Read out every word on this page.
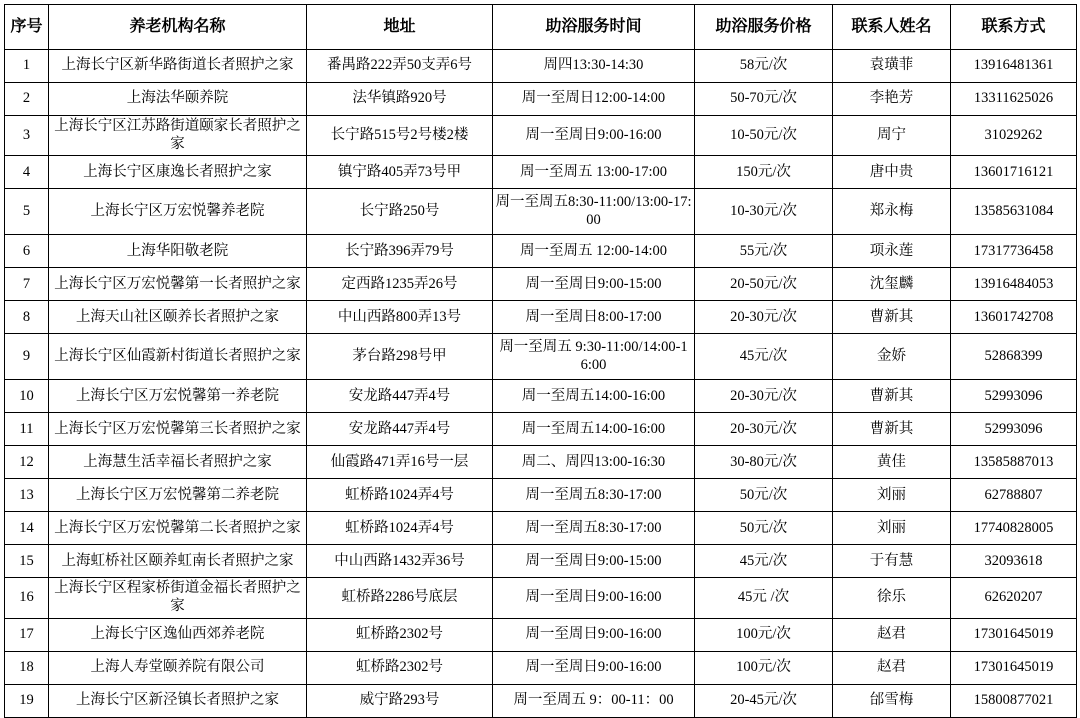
序号	养老机构名称	地址	助浴服务时间	助浴服务价格	联系人姓名	联系方式
1	上海长宁区新华路街道长者照护之家	番禺路222弄50支弄6号	周四13:30-14:30	58元/次	袁璜菲	13916481361
2	上海法华颐养院	法华镇路920号	周一至周日12:00-14:00	50-70元/次	李艳芳	13311625026
3	上海长宁区江苏路街道颐家长者照护之家	长宁路515号2号楼2楼	周一至周日9:00-16:00	10-50元/次	周宁	31029262
4	上海长宁区康逸长者照护之家	镇宁路405弄73号甲	周一至周五 13:00-17:00	150元/次	唐中贵	13601716121
5	上海长宁区万宏悦馨养老院	长宁路250号	周一至周五8:30-11:00/13:00-17:00	10-30元/次	郑永梅	13585631084
6	上海华阳敬老院	长宁路396弄79号	周一至周五 12:00-14:00	55元/次	项永莲	17317736458
7	上海长宁区万宏悦馨第一长者照护之家	定西路1235弄26号	周一至周日9:00-15:00	20-50元/次	沈玺麟	13916484053
8	上海天山社区颐养长者照护之家	中山西路800弄13号	周一至周日8:00-17:00	20-30元/次	曹新其	13601742708
9	上海长宁区仙霞新村街道长者照护之家	茅台路298号甲	周一至周五 9:30-11:00/14:00-16:00	45元/次	金娇	52868399
10	上海长宁区万宏悦馨第一养老院	安龙路447弄4号	周一至周五14:00-16:00	20-30元/次	曹新其	52993096
11	上海长宁区万宏悦馨第三长者照护之家	安龙路447弄4号	周一至周五14:00-16:00	20-30元/次	曹新其	52993096
12	上海慧生活幸福长者照护之家	仙霞路471弄16号一层	周二、周四13:00-16:30	30-80元/次	黄佳	13585887013
13	上海长宁区万宏悦馨第二养老院	虹桥路1024弄4号	周一至周五8:30-17:00	50元/次	刘丽	62788807
14	上海长宁区万宏悦馨第二长者照护之家	虹桥路1024弄4号	周一至周五8:30-17:00	50元/次	刘丽	17740828005
15	上海虹桥社区颐养虹南长者照护之家	中山西路1432弄36号	周一至周日9:00-15:00	45元/次	于有慧	32093618
16	上海长宁区程家桥街道金福长者照护之家	虹桥路2286号底层	周一至周日9:00-16:00	45元 /次	徐乐	62620207
17	上海长宁区逸仙西郊养老院	虹桥路2302号	周一至周日9:00-16:00	100元/次	赵君	17301645019
18	上海人寿堂颐养院有限公司	虹桥路2302号	周一至周日9:00-16:00	100元/次	赵君	17301645019
19	上海长宁区新泾镇长者照护之家	威宁路293号	周一至周五 9：00-11：00	20-45元/次	邰雪梅	15800877021
